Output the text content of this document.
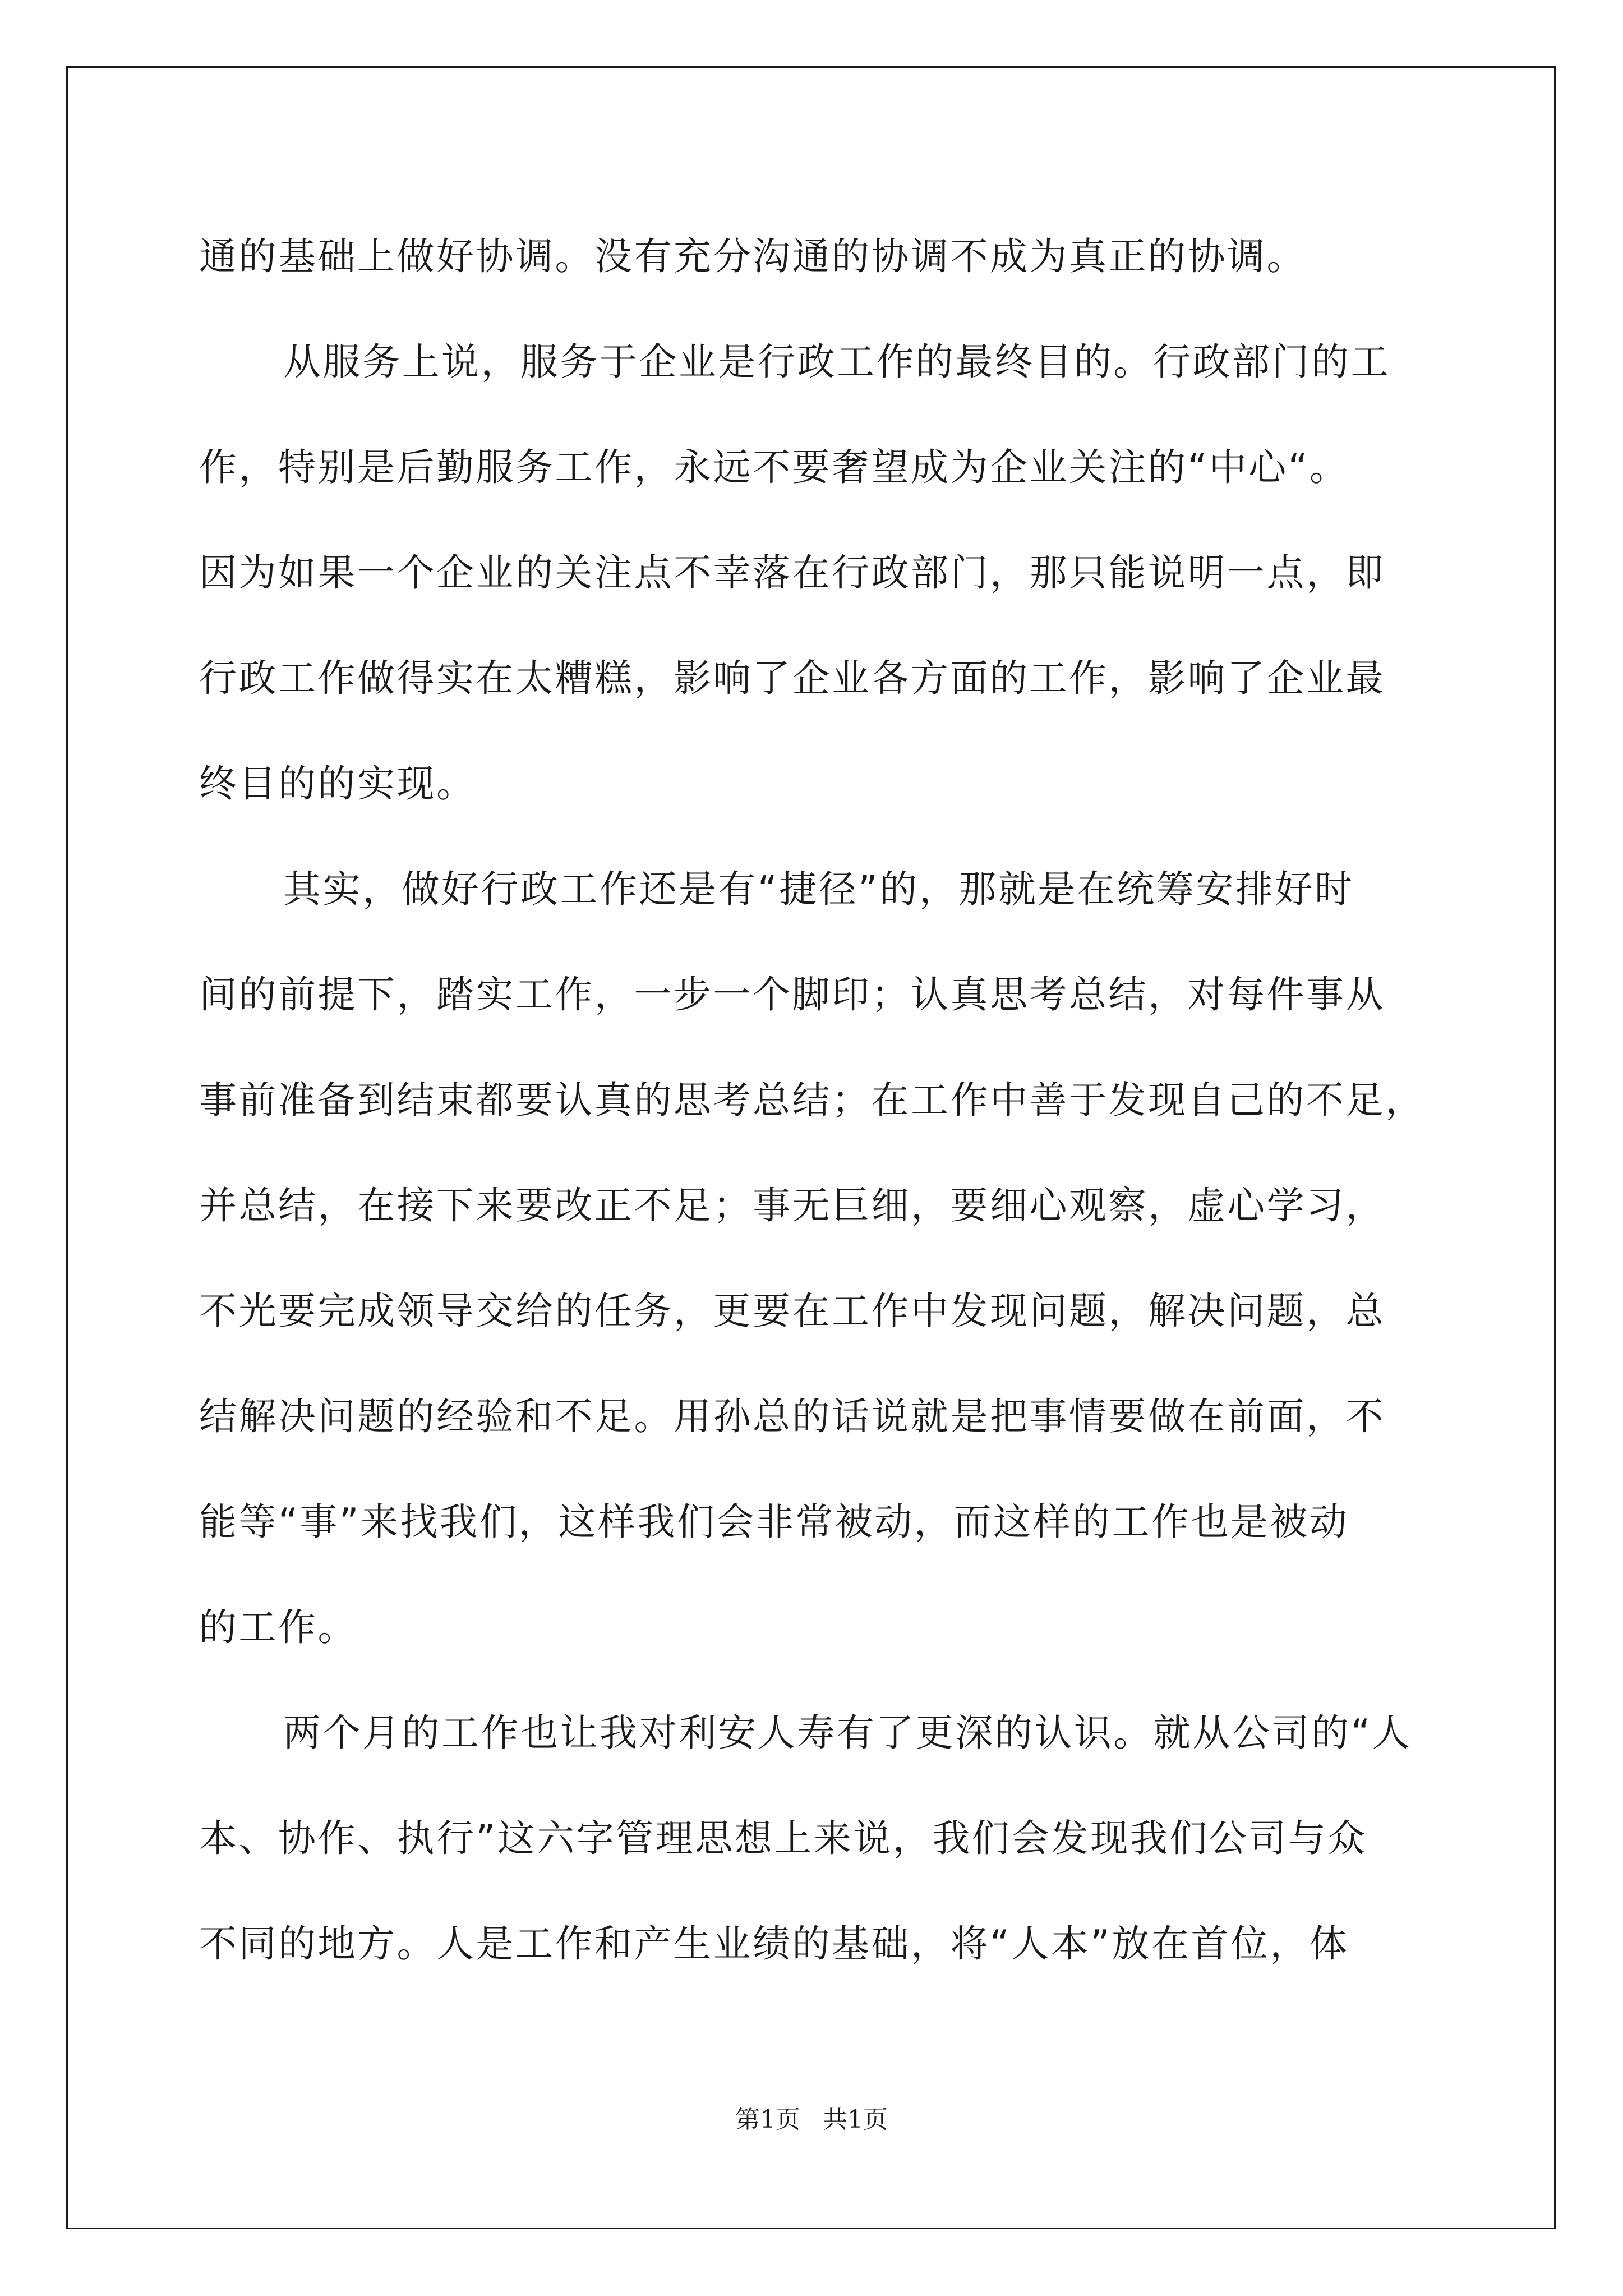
通的基础上做好协调。没有充分沟通的协调不成为真正的协调。
从服务上说，服务于企业是行政工作的最终目的。行政部门的工
作，特别是后勤服务工作，永远不要奢望成为企业关注的“中心“。
因为如果一个企业的关注点不幸落在行政部门，那只能说明一点，即
行政工作做得实在太糟糕，影响了企业各方面的工作，影响了企业最
终目的的实现。
其实，做好行政工作还是有“捷径”的，那就是在统筹安排好时
间的前提下，踏实工作，一步一个脚印；认真思考总结，对每件事从
事前准备到结束都要认真的思考总结；在工作中善于发现自己的不足，
并总结，在接下来要改正不足；事无巨细，要细心观察，虚心学习，
不光要完成领导交给的任务，更要在工作中发现问题，解决问题，总
结解决问题的经验和不足。用孙总的话说就是把事情要做在前面，不
能等“事”来找我们，这样我们会非常被动，而这样的工作也是被动
的工作。
两个月的工作也让我对利安人寿有了更深的认识。就从公司的“人
本、协作、执行”这六字管理思想上来说，我们会发现我们公司与众
不同的地方。人是工作和产生业绩的基础，将“人本”放在首位，体
第1页 共1页
